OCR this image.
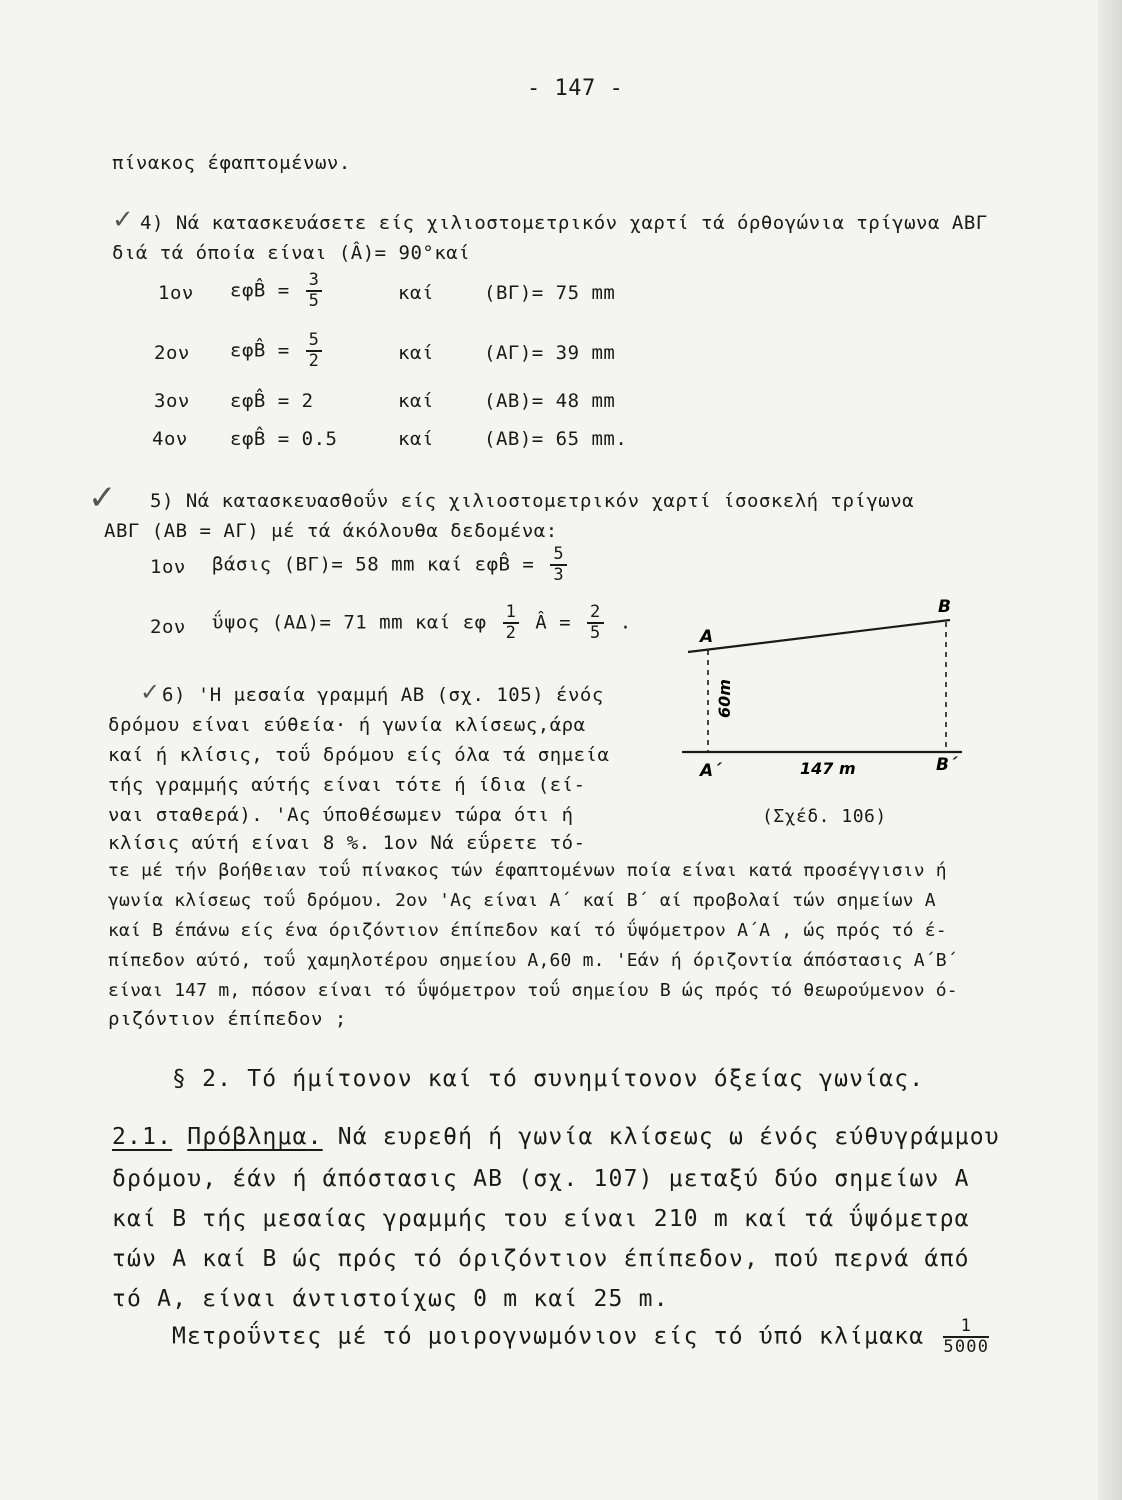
- 147 -
πίνακος έφαπτομένων.
✓ 4) Νά κατασκευάσετε είς χιλιοστομετρικόν χαρτί τά όρθογώνια τρίγωνα ΑΒΓ
διά τά όποία είναι (Â)= 90°καί
1ον εφB̂ = $\frac{3}{5}$	καί	(ΒΓ)= 75 mm
2ον εφB̂ = $\frac{5}{2}$	καί	(ΑΓ)= 39 mm
3ον εφB̂ = 2	καί	(ΑΒ)= 48 mm
4ον εφB̂ = 0.5	καί	(ΑΒ)= 65 mm.
✓ 5) Νά κατασκευασθοΰν είς χιλιοστομετρικόν χαρτί ίσοσκελή τρίγωνα
ΑΒΓ (ΑΒ = ΑΓ) μέ τά άκόλουθα δεδομένα:
1ον βάσις (ΒΓ)= 58 mm καί εφB̂ = $\frac{5}{3}$
2ον ΰψος (ΑΔ)= 71 mm καί εφ $\frac{1}{2}$ Â = $\frac{2}{5}$ .
✓ 6) 'Η μεσαία γραμμή ΑΒ (σχ. 105) ένός
δρόμου είναι εύθεία· ή γωνία κλίσεως,άρα
καί ή κλίσις, τοΰ δρόμου είς όλα τά σημεία
τής γραμμής αύτής είναι τότε ή ίδια (εί-
ναι σταθερά). 'Ας ύποθέσωμεν τώρα ότι ή
κλίσις αύτή είναι 8 %. 1ον Νά εΰρετε τό-
τε μέ τήν βοήθειαν τοΰ πίνακος τών έφαπτομένων ποία είναι κατά προσέγγισιν ή
γωνία κλίσεως τοΰ δρόμου. 2ον 'Ας είναι Α΄ καί Β΄ αί προβολαί τών σημείων Α
καί Β έπάνω είς ένα όριζόντιον έπίπεδον καί τό ΰψόμετρον Α΄Α , ώς πρός τό έ-
πίπεδον αύτό, τοΰ χαμηλοτέρου σημείου Α,60 m. 'Εάν ή όριζοντία άπόστασις Α΄Β΄
είναι 147 m, πόσον είναι τό ΰψόμετρον τοΰ σημείου Β ώς πρός τό θεωρούμενον ό-
ριζόντιον έπίπεδον ;
A
B
A΄	B΄
60m
147 m
(Σχέδ. 106)
§ 2. Τό ήμίτονον καί τό συνημίτονον όξείας γωνίας.
2.1. Πρόβλημα. Νά ευρεθή ή γωνία κλίσεως ω ένός εύθυγράμμου
δρόμου, έάν ή άπόστασις ΑΒ (σχ. 107) μεταξύ δύο σημείων Α
καί Β τής μεσαίας γραμμής του είναι 210 m καί τά ΰψόμετρα
τών Α καί Β ώς πρός τό όριζόντιον έπίπεδον, πού περνά άπό
τό Α, είναι άντιστοίχως 0 m καί 25 m.
Μετροΰντες μέ τό μοιρογνωμόνιον είς τό ύπό κλίμακα $\frac{1}{5000}$
